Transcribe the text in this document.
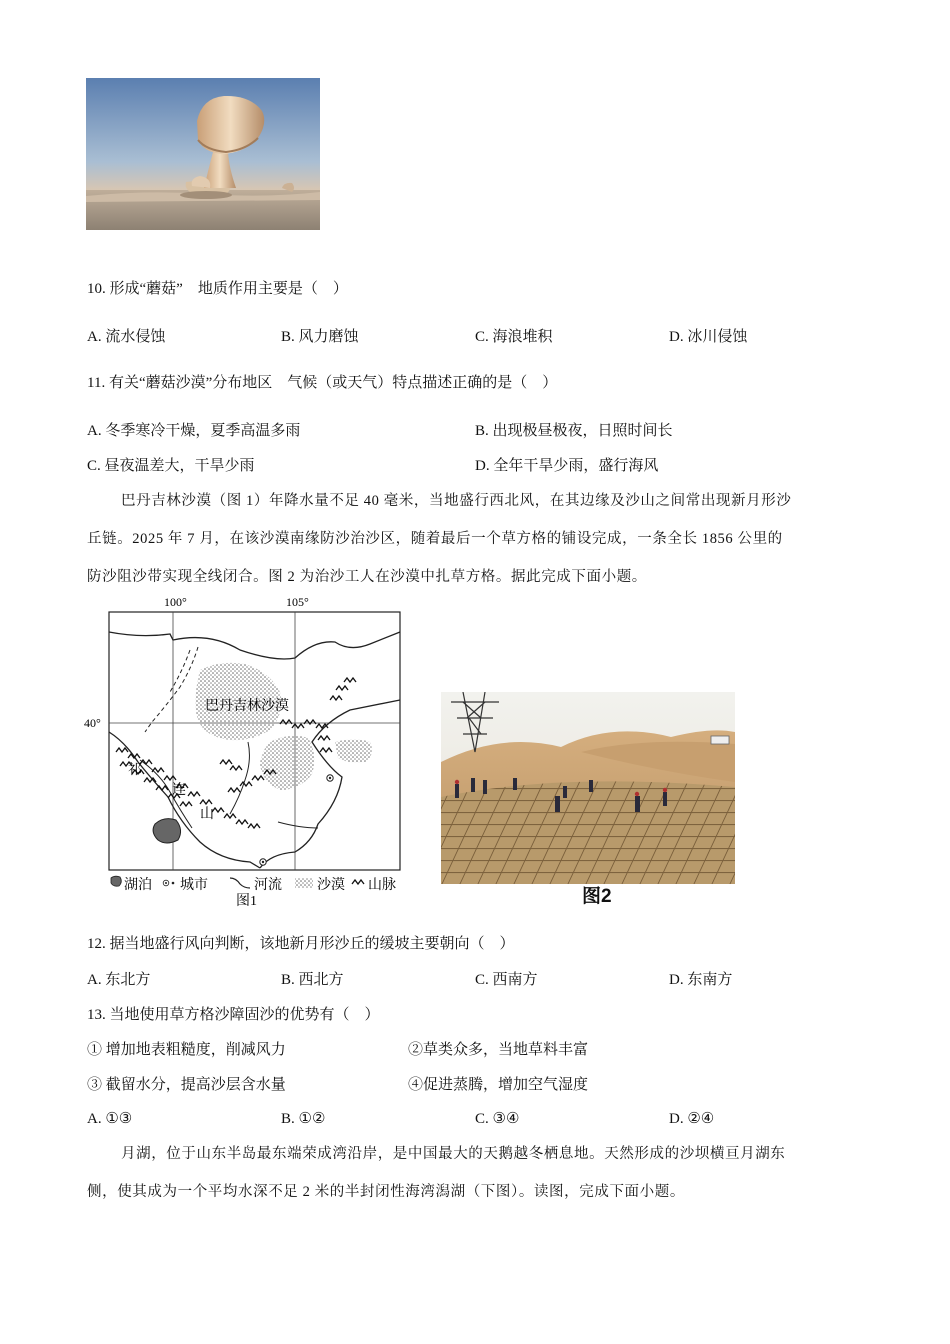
10. 形成“蘑菇”　地质作用主要是（　）
A. 流水侵蚀	B. 风力磨蚀	C. 海浪堆积	D. 冰川侵蚀
11. 有关“蘑菇沙漠”分布地区　气候（或天气）特点描述正确的是（　）
A. 冬季寒冷干燥，夏季高温多雨	B. 出现极昼极夜，日照时间长
C. 昼夜温差大，干旱少雨	D. 全年干旱少雨，盛行海风
巴丹吉林沙漠（图 1）年降水量不足 40 毫米，当地盛行西北风，在其边缘及沙山之间常出现新月形沙
丘链。2025 年 7 月，在该沙漠南缘防沙治沙区，随着最后一个草方格的铺设完成，一条全长 1856 公里的
防沙阻沙带实现全线闭合。图 2 为治沙工人在沙漠中扎草方格。据此完成下面小题。
100°	105°
40°
巴丹吉林沙漠
祁
连
山
湖泊 城市	河流	沙漠 山脉
图1	图2
12. 据当地盛行风向判断，该地新月形沙丘的缓坡主要朝向（　）
A. 东北方	B. 西北方	C. 西南方	D. 东南方
13. 当地使用草方格沙障固沙的优势有（　）
① 增加地表粗糙度，削减风力	②草类众多，当地草料丰富
③ 截留水分，提高沙层含水量	④促进蒸腾，增加空气湿度
A. ①③	B. ①②	C. ③④	D. ②④
月湖，位于山东半岛最东端荣成湾沿岸，是中国最大的天鹅越冬栖息地。天然形成的沙坝横亘月湖东
侧，使其成为一个平均水深不足 2 米的半封闭性海湾潟湖（下图）。读图，完成下面小题。
